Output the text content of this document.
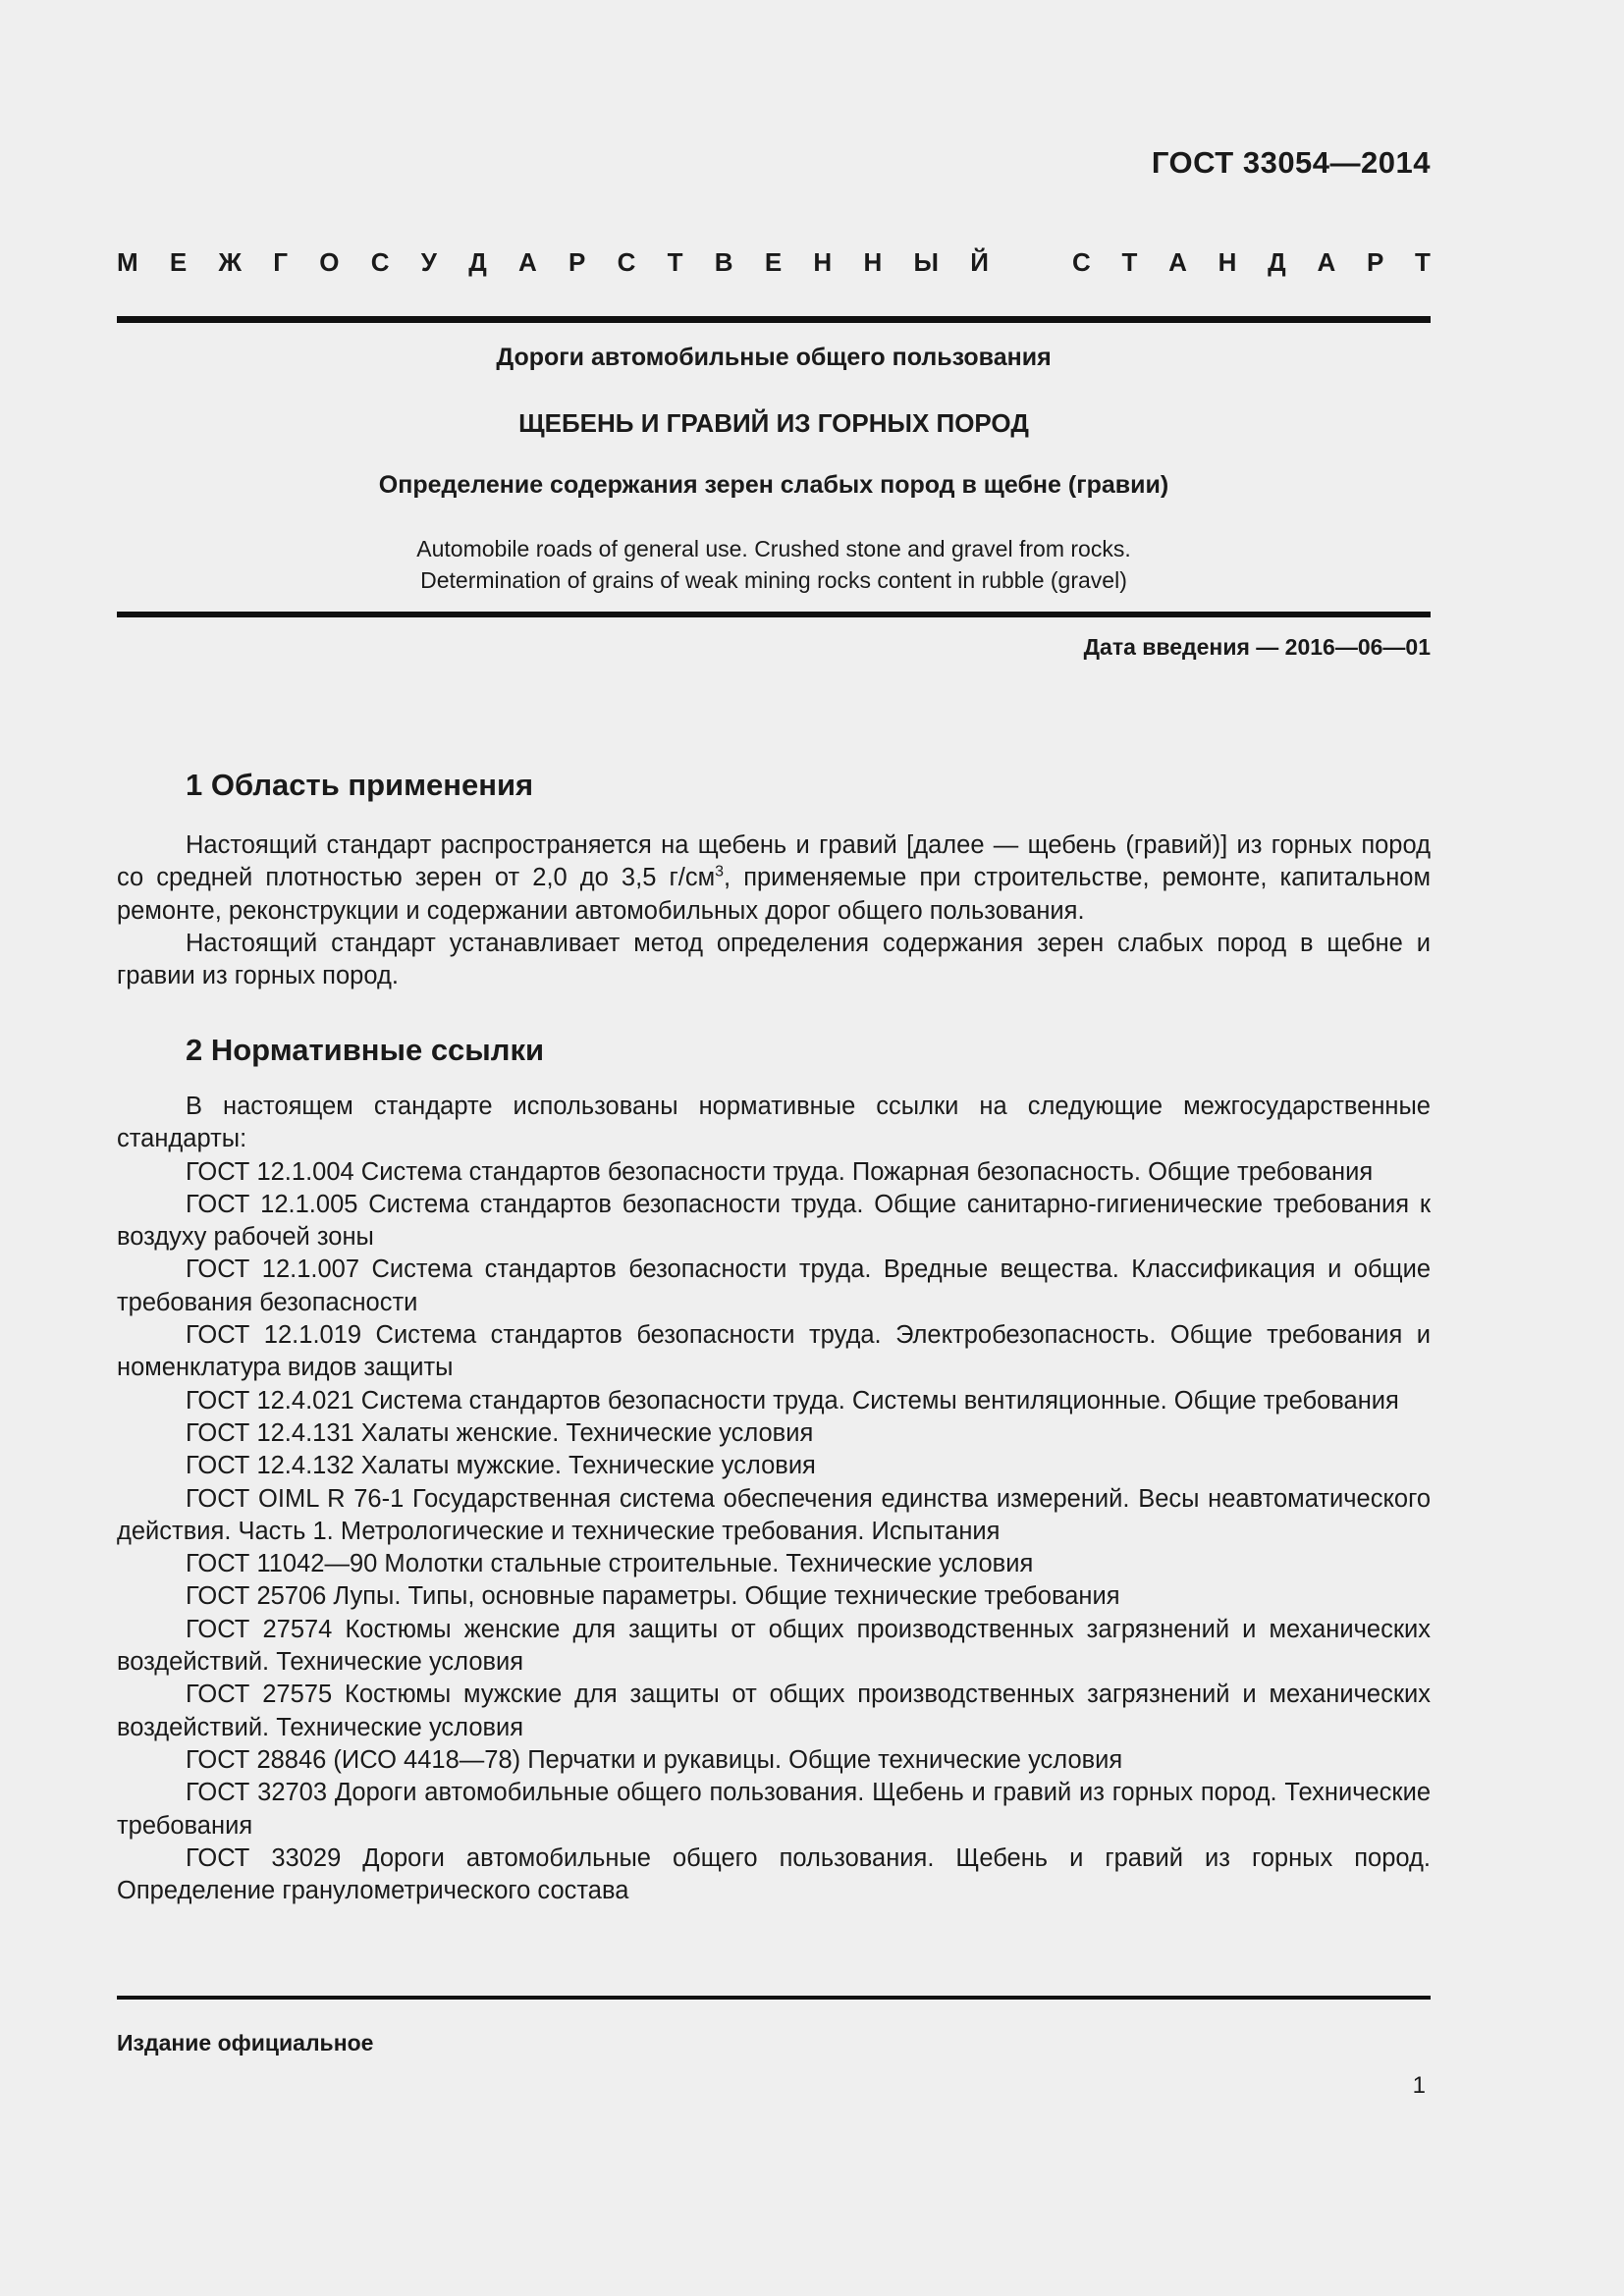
ГОСТ 33054—2014
М Е Ж Г О С У Д А Р С Т В Е Н Н Ы Й	С Т А Н Д А Р Т
Дороги автомобильные общего пользования
ЩЕБЕНЬ И ГРАВИЙ ИЗ ГОРНЫХ ПОРОД
Определение содержания зерен слабых пород в щебне (гравии)
Automobile roads of general use. Crushed stone and gravel from rocks.
Determination of grains of weak mining rocks content in rubble (gravel)
Дата введения — 2016—06—01
1 Область применения

Настоящий стандарт распространяется на щебень и гравий [далее — щебень (гравий)] из горных пород со средней плотностью зерен от 2,0 до 3,5 $г/см^3$, применяемые при строительстве, ремонте, капитальном ремонте, реконструкции и содержании автомобильных дорог общего пользования.

Настоящий стандарт устанавливает метод определения содержания зерен слабых пород в щебне и гравии из горных пород.

2 Нормативные ссылки

В настоящем стандарте использованы нормативные ссылки на следующие межгосударственные стандарты:

ГОСТ 12.1.004 Система стандартов безопасности труда. Пожарная безопасность. Общие требования

ГОСТ 12.1.005 Система стандартов безопасности труда. Общие санитарно-гигиенические требования к воздуху рабочей зоны

ГОСТ 12.1.007 Система стандартов безопасности труда. Вредные вещества. Классификация и общие требования безопасности

ГОСТ 12.1.019 Система стандартов безопасности труда. Электробезопасность. Общие требования и номенклатура видов защиты

ГОСТ 12.4.021 Система стандартов безопасности труда. Системы вентиляционные. Общие требования

ГОСТ 12.4.131 Халаты женские. Технические условия

ГОСТ 12.4.132 Халаты мужские. Технические условия

ГОСТ OIML R 76-1 Государственная система обеспечения единства измерений. Весы неавтоматического действия. Часть 1. Метрологические и технические требования. Испытания

ГОСТ 11042—90 Молотки стальные строительные. Технические условия

ГОСТ 25706 Лупы. Типы, основные параметры. Общие технические требования

ГОСТ 27574 Костюмы женские для защиты от общих производственных загрязнений и механических воздействий. Технические условия

ГОСТ 27575 Костюмы мужские для защиты от общих производственных загрязнений и механических воздействий. Технические условия

ГОСТ 28846 (ИСО 4418—78) Перчатки и рукавицы. Общие технические условия

ГОСТ 32703 Дороги автомобильные общего пользования. Щебень и гравий из горных пород. Технические требования

ГОСТ 33029 Дороги автомобильные общего пользования. Щебень и гравий из горных пород. Определение гранулометрического состава

Издание официальное
1
